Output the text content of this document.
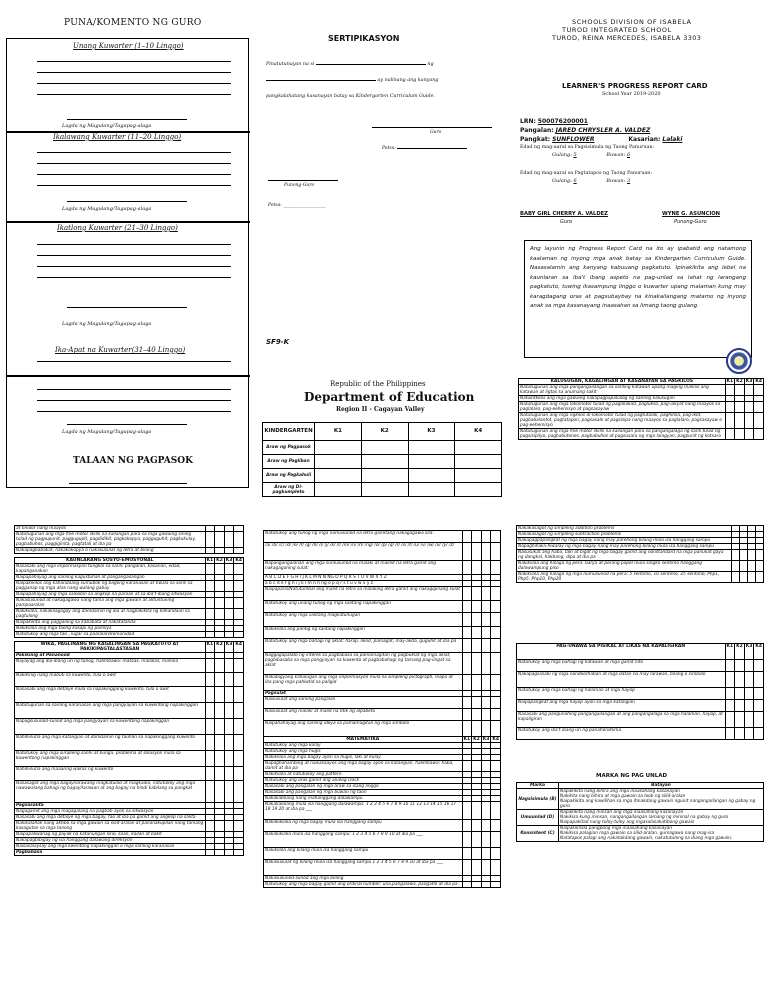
PUNA/KOMENTO NG GURO
Unang Kuwarter (1–10 Linggo)
Lagda ng Magulang/Tagapag-alaga
Ikalawang Kuwarter (11–20 Linggo)
Lagda ng Magulang/Tagapag-alaga
Ikatlong Kuwarter (21–30 Linggo)
Lagda ng Magulang/Tagapag-alaga
Ika-Apat na Kuwarter(31–40 Linggo)
Lagda ng Magulang/Tagapag-alaga
TALAAN NG PAGPASOK
SERTIPIKASYON
Pinatutunayan na si	ng
ay nalinang ang kanyang
pangkalahatang kasanayan batay sa Kindergarten Curriculum Guide.
Guro
Petsa:
Punong-Guro
Petsa: ___________________
SF9-K
SCHOOLS DIVISION OF ISABELA
TUROD INTEGRATED SCHOOL
TUROD, REINA MERCEDES, ISABELA 3303
LEARNER'S PROGRESS REPORT CARD
School Year 2019-2020
LRN: 500076200001
Pangalan: JARED CHRYSLER A. VALDEZ
Pangkat: SUNFLOWER	Kasarian: Lalaki
Edad ng mag-aaral sa Pagsisimula ng Taong Panuruan:
Gulang: 5	Buwan: 6
Edad ng mag-aaral sa Pagtatapos ng Taong Panuruan:
Gulang: 6	Buwan: 3
BABY GIRL CHERRY A. VALDEZ
Guro
WYNE G. ASUNCION
Punong-Guro
Ang layunin ng Progress Report Card na ito ay ipabatid ang natamong kaalaman ng inyong mga anak batay sa Kindergarten Curriculum Guide. Nasasalamin ang kanyang kabuuang pagkatuto. Ipinakikita ang lebel na kaunlaran sa iba't ibang aspeto na pag-unlad sa lahat ng larangang pagkatuto, tuwing ikasampung linggo o kuwarter upang malaman kung may karagdagang oras at pagsubaybay na kinakailangang matamo ng inyong anak sa mga kasanayang inaasahan sa limang taong gulang.
Republic of the Philippines
Department of Education
Region II - Cagayan Valley
KINDERGARTEN	K1	K2	K3	K4
Araw ng Pagpasok				
Araw ng Pagliban				
Araw ng Pagkahuli				
Araw ng Di-pagkumpleto				
KALUSUGAN, KAGALINGAN AT KASANAYAN SA PAGKILOS	K1	K2	K3	K4
Natutugunan ang mga pangangailangan sa sariling katawan upang maging malinis ang katawan at ligtas sa anumang sakit				
Natukitkilos ang mga gawaing nakapagpapalusog ng sariling kalusugan				
Natutugunan ang mga lokomotor tulad ng paglalakad, paglukso, pag-iakyat nang maayos sa paglalaro, pag-eehersisyo at pagsasayaw				
Natutugunan ang mga ngkilos di-lokomotor tulad ng pagtutulak, paghihila, pag-ikot, pagbabalantot, pagtatapon, pagsasalo at pagsisipa nang maayos sa paglalaro, pagsasayaw o pag-eehersisyo				
Natutugunan ang mga fine motor skills na kailangan para sa pangangalaga ng sarili tulad ng pagsisipilyo, pagbabutones, pagbabuhos at pagsusara ng mga lalagyan, pagpunit ng kotsara				
at tinidor nang maayos				
Natutugunan ang mga fine motor skills na kailangan para sa mga gawaing sining tulad ng pagpupunit, paggugupit, pagdidikit, pagkokopya, pagguguhit, pagkukulay, pagbabuhos, paggiginita, pagtatali at iba pa				
Nakapagbabakat, nakakokopya o nakasusulat ng letra at bilang				

KAUNLARANG SOSYO-EMOSYONAL	K1	K2	K3	K4
Nasasabi ang mga impormasyon tungkol sa sarili: pangalan, kasarian, edad, kapanganakan				
Naipapahayag ang sariling kagustuhan at pangangailangan				
Naipakikilos ang kahandaang sumubok ng bagong karanasan at tiwala sa sarili sa pagganap ng mga atas nang walang gabay				
Naipapahayag ang mga saloobin sa angkop na paraan at sa iba't-ibang sitwasyon				
Nakasusunod at nakagagawa nang tama ang mga gawain at alituntuning pampaaralan				
Nakikilala, nakakilagagay ang damdamin ng iba at nagpakikita ng kahandaan sa pagtulong				
Naipakikita ang paggalang sa kababata at nakatatanda				
Nakikilala ang mga taong kasapi ng pamilya				
Natutukoy ang mga tao , lugar sa paaralan/komunidad				

WIKA, PAGLINANG NG KAGALINGAN SA PAGKATUTO AT PAKIKIPAGTALASTASAN	K1	K2	K3	K4
Pakikinig at Pananood				
Nayayag ang iba-ibang uri ng tunog, halimbawa: mataas, malakas, mahina				
Nakikinig nang mabuti sa kuwento, tula o awit				
Nasasabi ang mga detalye mula sa napakinggang kuwento, tula o awit				
Natutugunan sa sariling karanasan ang mga pangyayari sa kuwentong napakinggan				
Napagsusunod-sunod ang mga pangyayari sa kuwentong napakinggan				
Nahihinuha ang mga katangian at damdamin ng tauhan sa napakinggang kuwento				
Natutukoy ang mga simpleng sanhi at bunga, problema at solusyon mula sa kuwentong napakinggan				
Nahihinuha ang maaaring wakas ng kuwento				
Nasasagot ang mga bagay/larawang magkatulad at magkaiba, natutukoy ang mga nawawalang bahagi ng bagay/larawan at ang bagay na hindi kabilang sa pangkat				
Pagsasalita				
Nagagamit ang mga magagalang na pagbati ayon sa sitwasyon				
Nasasabi ang mga detalye ng mga bagay, tao at iba pa gamit ang angkop na salita				
Nakikalahok nang aktibo sa mga gawain sa silid-aralan at pananakupilan nang tamang kasagutan sa mga tanong				
Naipapaliwanag ng payak na katanungan sino, saan, kailan at bakit				
Nakapagbibigay ng isa hanggang dalawang direksyon				
Naisasalaysay ang mga kwentong napakinggan o mga sariling karanasan				
Pagbabasa				
Natutukoy ang tunog ng mga numusunod na letra gamitang nakagagawa sila:				
/a/ /b/ /c/ /d/ /e/ /f/ /g/ /h/ /i/ /j/ /k/ /l/ /m/ /n/ /ñ/ /ng/ /o/ /p/ /q/ /r/ /s/ /t/ /u/ /v/ /w/ /x/ /y/ /z/				
Napangangalanan ang mga sumusunod na malaki at maliliit na letra gamit ang nakagaganing sulat:				
A B C D E F G H I J K L M N Ñ NG O P Q R S T U V W X Y Z				
a b c d e f g h i j k l m n ñ ng o p q r s t u v w x y z				
Naipaparis/Natutumbal ang maliit na letra sa malaking letra gamit ang nakagiginang sulat				
Natutukoy ang unang tunog ng mga salitang napakinggan				
Natutukoy ang mga salitang magkatunugan				
Nakikilala ang pantig ng salitang napakinggan				
Natutukoy ang mga bahagi ng aklat: harap, likod, pamagat, may-akda, guguhit at iba pa				
Naggagapalato ng interes sa pagbabasa sa pamamagitan ng pagbuklat ng mga aklat, pagbibasaba sa mga pangyayari sa kuwento at pagbabahagi ng tamang pag-iingat sa aklat				
Nakabigyang kahulugan ang mga impormasyon mula sa simpleng pictograph, mapa at iba pang mga pahiwtid sa paligid				
Pagsulat				
Naisusulat ang sariling pangalan				
Naisusulat ang malaki at maliit na titik ng alpabeto				
Naipahahayag ang sariling ideya sa pamamagitan ng mga simbolo				
MATEMATIKA	K1	K2	K3	K4
Natutukoy ang mga kulay				
Natutukoy ang mga hugis				
Nakikilala ang mga bagay ayon sa hugis, laki at kulay				
Napaghahambing at naisasaayos ang mga bagay ayon sa katangian, halimbawa: haba, damit at iba pa				
Nakikilala at natutukoy ang pattern.				
Natutukoy ang oras gamit ang analog clock				
Nasasabi ang pangalan ng mga araw sa isang linggo				
Nasasabi ang pangalan ng mga buwan ng taon				
Nakakabilang nang mahanggang dalawampu				
Nakakabilang mula isa hanggang dalawampu: 1 2 3 4 5 6 7 8 9 10 11 12 13 14 15 16 17 18 19 20 at iba pa ___				
Nakakikilala ng mga bagay mula isa hanggang sampu				
Nakakikilala mula isa hanggang sampu: 1 2 3 4 5 6 7 8 9 10 at iba pa ___				
Nakikilala ang bilang mula isa hanggang sampu				
Nakasusulat ng bilang mula isa hanggang sampu 1 2 3 4 5 6 7 8 9 10 at iba pa ___				
Nakasusunod-sunod ang mga bilang				
Natutukoy ang mga bagay gamit ang ordinal number: una,pangalawa, pangatlo at iba pa				
Nakakasagot ng simpleng addition problems				
Nakakasagot ng simpleng subtraction problems				
Nakapagpapangkat ng mga bagay nang may parehong bilang mula isa hanggang sampu				
Napaghihiwa-hiwalay ng mga bagay nang may parehong bilang mula isa hanggang sampu				
Nasusukat ang haba, taki at bigat ng mga bagay gamit ang nonstandard na mga panukat gaya ng dangkal, hakbang, dipa at iba pa				
Nakikilala ang halaga ng pera: barya at perang papel mula singko sentimo hanggang dalawampung piso				
Nakikilala ang halaga ng mga numusunod na pera: 5 sentimo, 10 sentimo, 25 sentimo; Php1, Php5, Php10, Php20				
PAG-UNAWA SA PISIKAL AT LIKAS NA KAPALIGIRAN	K1	K2	K3	K4
Natutukoy ang mga bahagi ng katawan at mga gamit nito				
Nakapagsasabi ng mga nandoorhaban at mga datan na may larawan, bilang o simbolo				
Natutukoy ang mga bahagi ng halaman at mga hayop				
Naipapangkat ang mga hayop ayon sa mga katangian				
Nasasabi ang pangunahing pangangailangan at ang pangangalaga sa mga halaman, hayop, at kapaligiran				
Natutukoy ang iba't ibang uri ng panahon/klima				
MARKA NG PAG UNLAD
Marka	Batayan
Nagsisimula (B)	Napakikita nang bihira ang mga inaasahang kasanayan
Nakikita nang bihira at mga gawain sa loob ng silid-aralan
Naipakikita ang kawilihan sa mga itinakdang gawain ngunit nangangailangan ng gabay ng guro

Umuunlad (D)	Napakikita nang minsan ang mga inaasahang kasanayan
Nakikisa kung minsan, nangangailangan lamang ng mininal na gabay ng guro
Naipapakitad nang tuloy-tuloy ang mgasalasakatibong gawain

Konsistent (C)	Naipakikilala pangpong mga inaasahang kasanayan
Nakikisa palagian mga gawain sa silid-aralan, gumagawa nang mag-isa
Natatapos palagi ang nakatakdang gawain, nakatutulong sa ibang mga gawain.
